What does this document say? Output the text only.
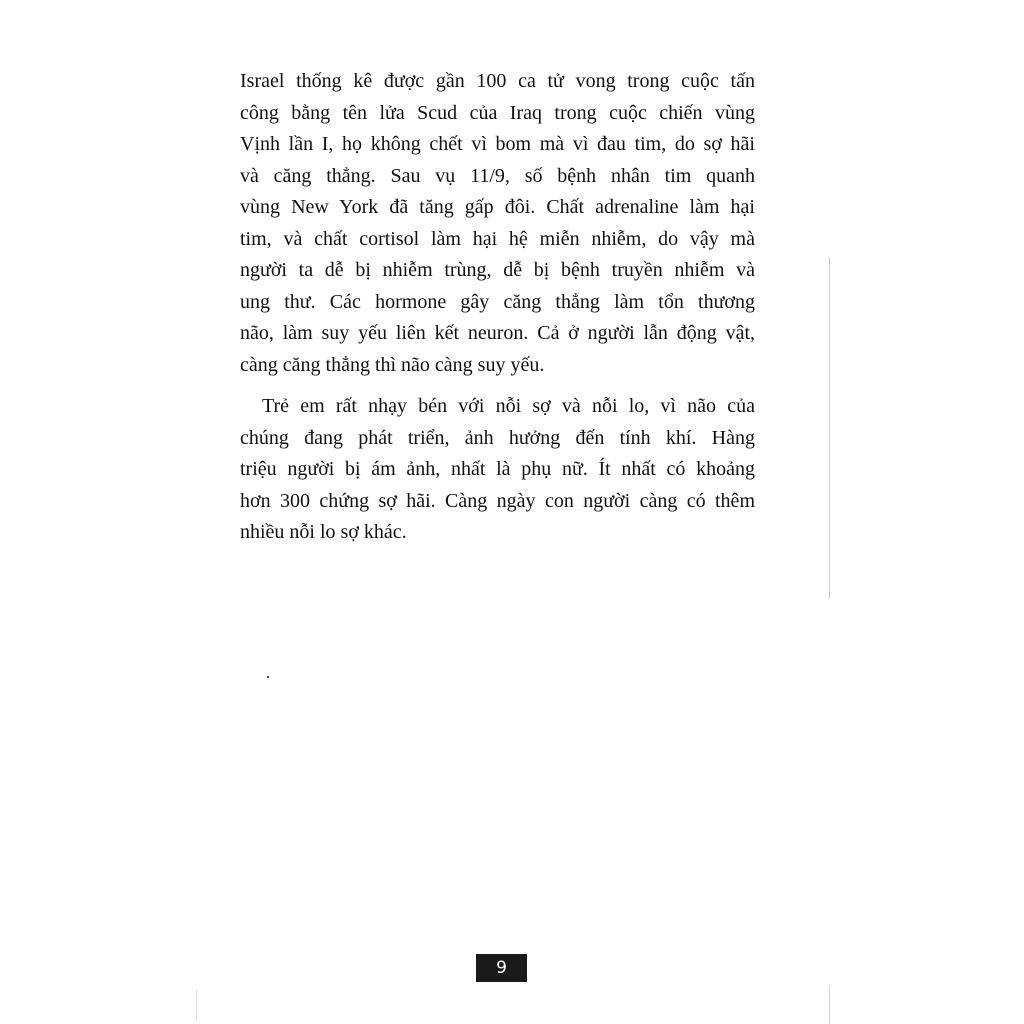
Israel thống kê được gần 100 ca tử vong trong cuộc tấn
công bằng tên lửa Scud của Iraq trong cuộc chiến vùng
Vịnh lần I, họ không chết vì bom mà vì đau tim, do sợ hãi
và căng thẳng. Sau vụ 11/9, số bệnh nhân tim quanh
vùng New York đã tăng gấp đôi. Chất adrenaline làm hại
tim, và chất cortisol làm hại hệ miễn nhiễm, do vậy mà
người ta dễ bị nhiễm trùng, dễ bị bệnh truyền nhiễm và
ung thư. Các hormone gây căng thẳng làm tổn thương
não, làm suy yếu liên kết neuron. Cả ở người lẫn động vật,
càng căng thẳng thì não càng suy yếu.
Trẻ em rất nhạy bén với nỗi sợ và nỗi lo, vì não của
chúng đang phát triển, ảnh hưởng đến tính khí. Hàng
triệu người bị ám ảnh, nhất là phụ nữ. Ít nhất có khoảng
hơn 300 chứng sợ hãi. Càng ngày con người càng có thêm
nhiều nỗi lo sợ khác.
9
